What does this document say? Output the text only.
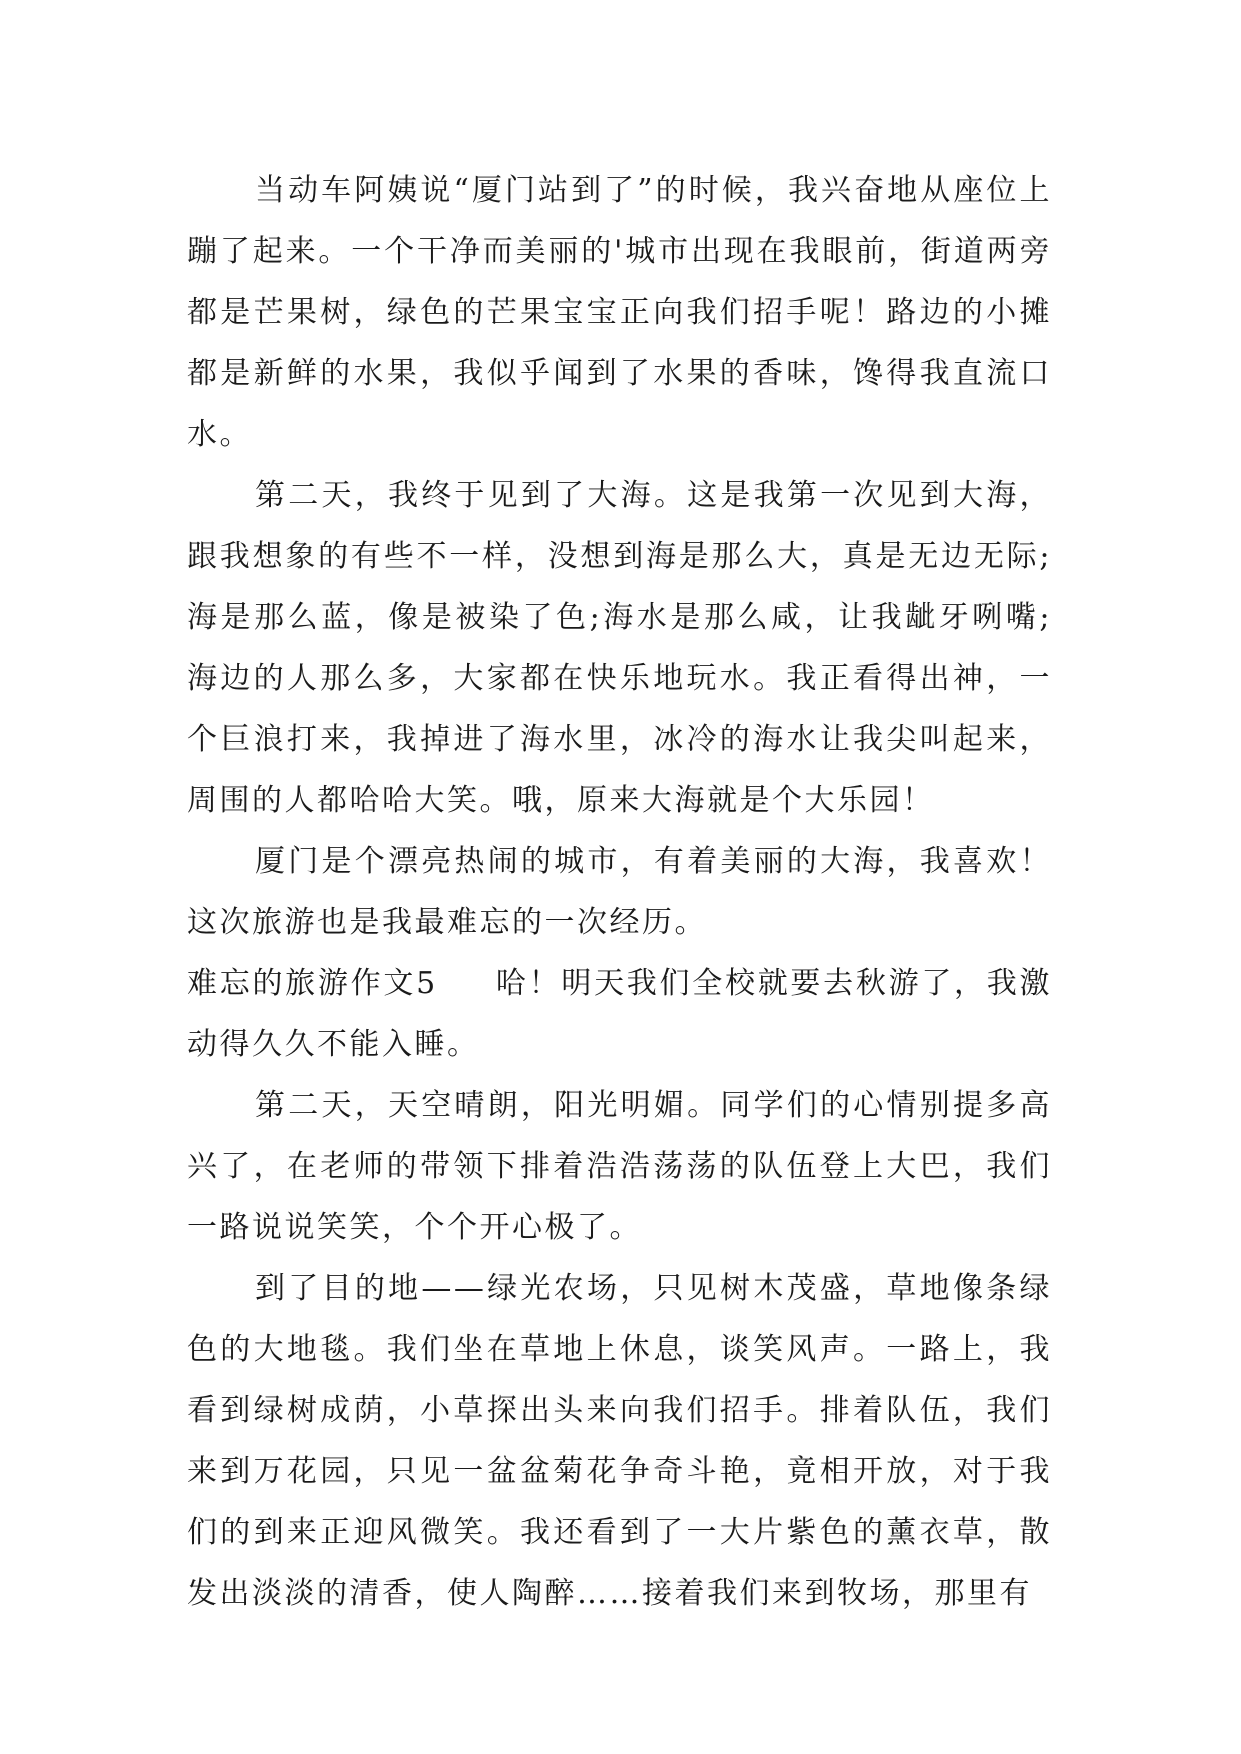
当动车阿姨说“厦门站到了”的时候，我兴奋地从座位上蹦了起来。一个干净而美丽的'城市出现在我眼前，街道两旁都是芒果树，绿色的芒果宝宝正向我们招手呢！路边的小摊都是新鲜的水果，我似乎闻到了水果的香味，馋得我直流口水。

第二天，我终于见到了大海。这是我第一次见到大海，跟我想象的有些不一样，没想到海是那么大，真是无边无际;海是那么蓝，像是被染了色;海水是那么咸，让我龇牙咧嘴;海边的人那么多，大家都在快乐地玩水。我正看得出神，一个巨浪打来，我掉进了海水里，冰冷的海水让我尖叫起来，周围的人都哈哈大笑。哦，原来大海就是个大乐园！

厦门是个漂亮热闹的城市，有着美丽的大海，我喜欢！这次旅游也是我最难忘的一次经历。

难忘的旅游作文5 哈！明天我们全校就要去秋游了，我激动得久久不能入睡。

第二天，天空晴朗，阳光明媚。同学们的心情别提多高兴了，在老师的带领下排着浩浩荡荡的队伍登上大巴，我们一路说说笑笑，个个开心极了。

到了目的地——绿光农场，只见树木茂盛，草地像条绿色的大地毯。我们坐在草地上休息，谈笑风声。一路上，我看到绿树成荫，小草探出头来向我们招手。排着队伍，我们来到万花园，只见一盆盆菊花争奇斗艳，竟相开放，对于我们的到来正迎风微笑。我还看到了一大片紫色的薰衣草，散发出淡淡的清香，使人陶醉……接着我们来到牧场，那里有
